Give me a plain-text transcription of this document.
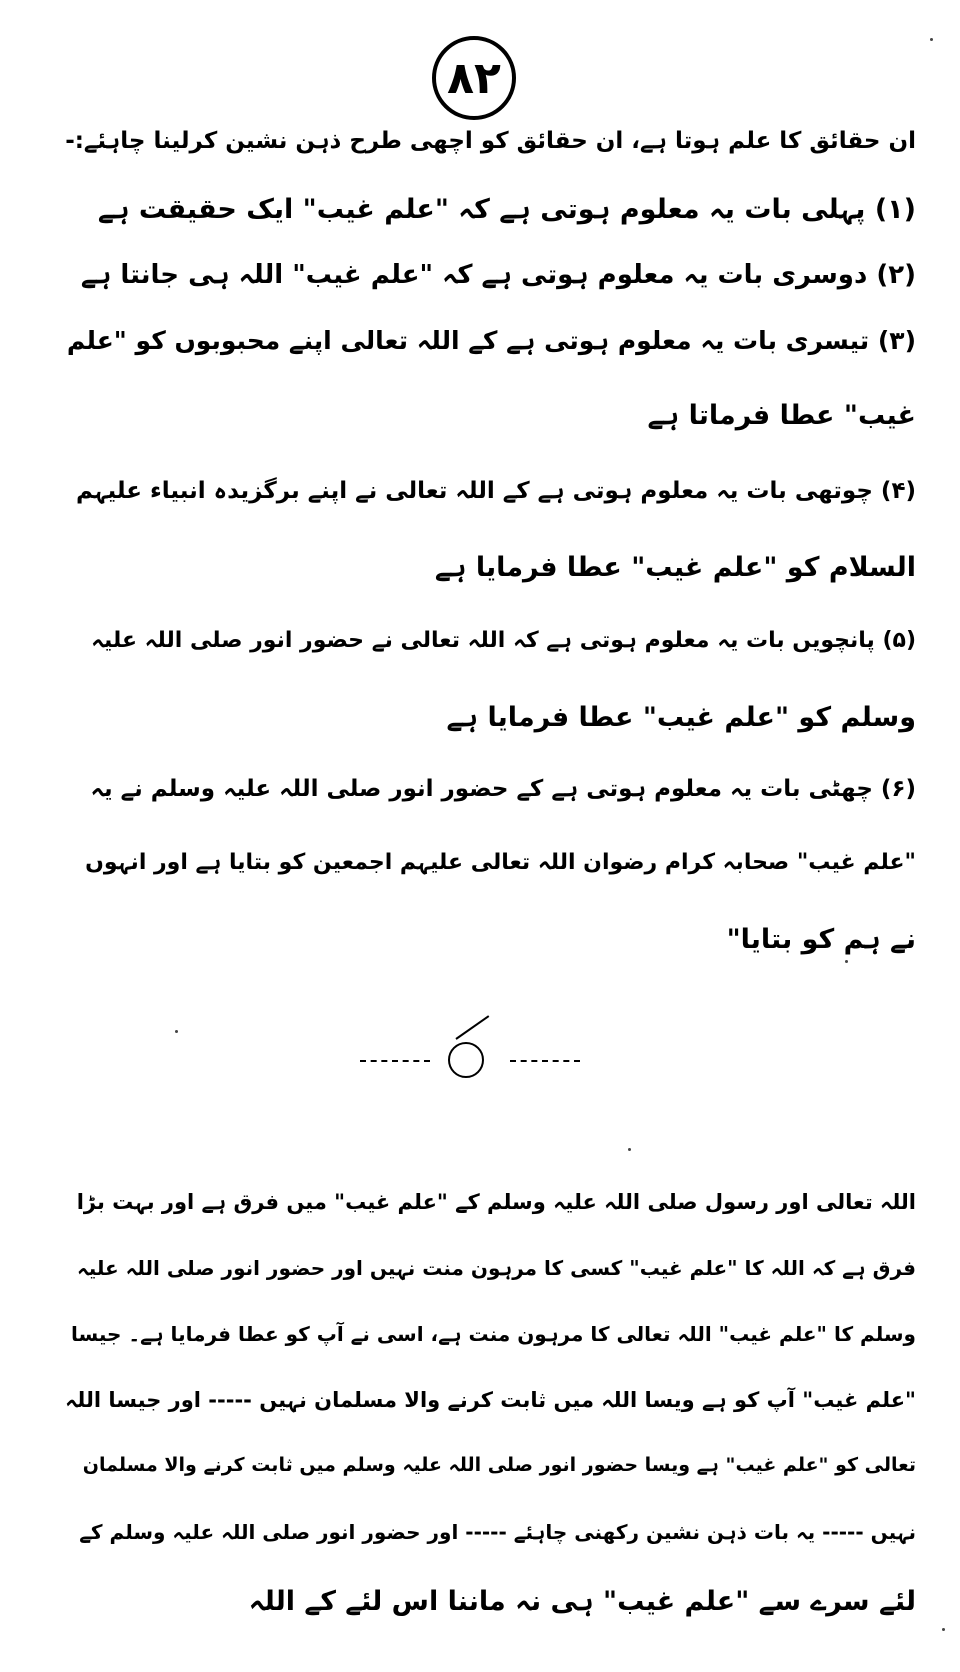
۸۲
ان حقائق کا علم ہوتا ہے، ان حقائق کو اچھی طرح ذہن نشین کرلینا چاہئے:-
(۱) پہلی بات یہ معلوم ہوتی ہے کہ "علم غیب" ایک حقیقت ہے
(۲) دوسری بات یہ معلوم ہوتی ہے کہ "علم غیب" اللہ ہی جانتا ہے
(۳) تیسری بات یہ معلوم ہوتی ہے کے اللہ تعالی اپنے محبوبوں کو "علم
غیب" عطا فرماتا ہے
(۴) چوتھی بات یہ معلوم ہوتی ہے کے اللہ تعالی نے اپنے برگزیدہ انبیاء علیہم
السلام کو "علم غیب" عطا فرمایا ہے
(۵) پانچویں بات یہ معلوم ہوتی ہے کہ اللہ تعالی نے حضور انور صلی اللہ علیہ
وسلم کو "علم غیب" عطا فرمایا ہے
(۶) چھٹی بات یہ معلوم ہوتی ہے کے حضور انور صلی اللہ علیہ وسلم نے یہ
"علم غیب" صحابہ کرام رضوان اللہ تعالی علیہم اجمعین کو بتایا ہے اور انہوں
نے ہم کو بتایا"
اللہ تعالی اور رسول صلی اللہ علیہ وسلم کے "علم غیب" میں فرق ہے اور بہت بڑا
فرق ہے کہ اللہ کا "علم غیب" کسی کا مرہون منت نہیں اور حضور انور صلی اللہ علیہ
وسلم کا "علم غیب" اللہ تعالی کا مرہون منت ہے، اسی نے آپ کو عطا فرمایا ہے۔ جیسا
"علم غیب" آپ کو ہے ویسا اللہ میں ثابت کرنے والا مسلمان نہیں ----- اور جیسا اللہ
تعالی کو "علم غیب" ہے ویسا حضور انور صلی اللہ علیہ وسلم میں ثابت کرنے والا مسلمان
نہیں ----- یہ بات ذہن نشین رکھنی چاہئے ----- اور حضور انور صلی اللہ علیہ وسلم کے
لئے سرے سے "علم غیب" ہی نہ ماننا اس لئے کے اللہ
